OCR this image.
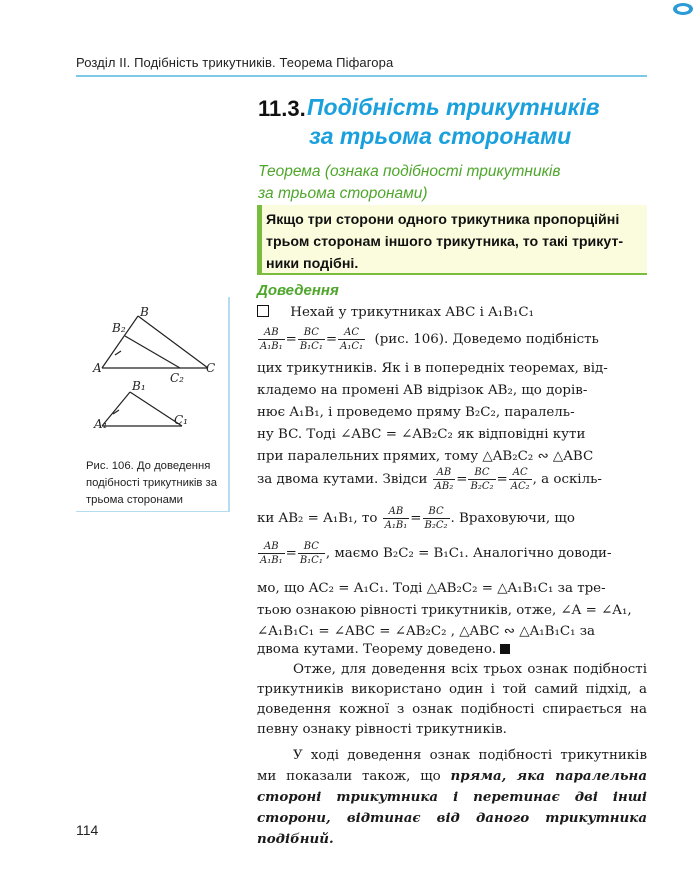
Розділ ІІ. Подібність трикутників. Теорема Піфагора
11.3. Подібність трикутників
за трьома сторонами
Теорема (ознака подібності трикутників
за трьома сторонами)
Якщо три сторони одного трикутника пропорційні
трьом сторонам іншого трикутника, то такі трикут-
ники подібні.
Доведення
B
B₂
A
C₂
C
B₁
A₁	C₁
Рис. 106. До доведення подібності трикутників за трьома сторонами
Нехай у трикутниках ABC і A₁B₁C₁
$\frac{AB}{\text{A₁B₁}} = \frac{BC}{\text{B₁C₁}} = \frac{AC}{\text{A₁C₁}} (рис$. 106). Доведемо подібність
цих трикутників. Як і в попередніх теоремах, від-
кладемо на промені AB відрізок AB₂, що дорів-
нює A₁B₁, і проведемо пряму B₂C₂, паралель-
ну BC. Тоді ∠ABC = ∠AB₂C₂ як відповідні кути
при паралельних прямих, тому △AB₂C₂ ∾ △ABC
за двома кутами. Звідси $\frac{AB}{\text{AB₂}} = \frac{BC}{\text{B₂C₂}} = \frac{AC}{\text{AC₂}}$ , а оскіль-
ки AB₂ = A₁B₁, то $\frac{AB}{\text{A₁B₁}} = \frac{BC}{\text{B₂C₂}}$ . Враховуючи, що
$\frac{AB}{\text{A₁B₁}} = \frac{BC}{\text{B₁C₁}}$ , маємо B₂C₂ = B₁C₁. Аналогічно доводи-
мо, що AC₂ = A₁C₁. Тоді △AB₂C₂ = △A₁B₁C₁ за тре-
тьою ознакою рівності трикутників, отже, ∠A = ∠A₁,
∠A₁B₁C₁ = ∠ABC = ∠AB₂C₂ , △ABC ∾ △A₁B₁C₁ за
двома кутами. Теорему доведено.
Отже, для доведення всіх трьох ознак подібності трикутників використано один і той самий підхід, а доведення кожної з ознак подібності спирається на певну ознаку рівності трикутників.
У ході доведення ознак подібності трикутників ми показали також, що пряма, яка паралельна стороні трикутника і перетинає дві інші сторони, відтинає від даного трикутника подібний.
114
